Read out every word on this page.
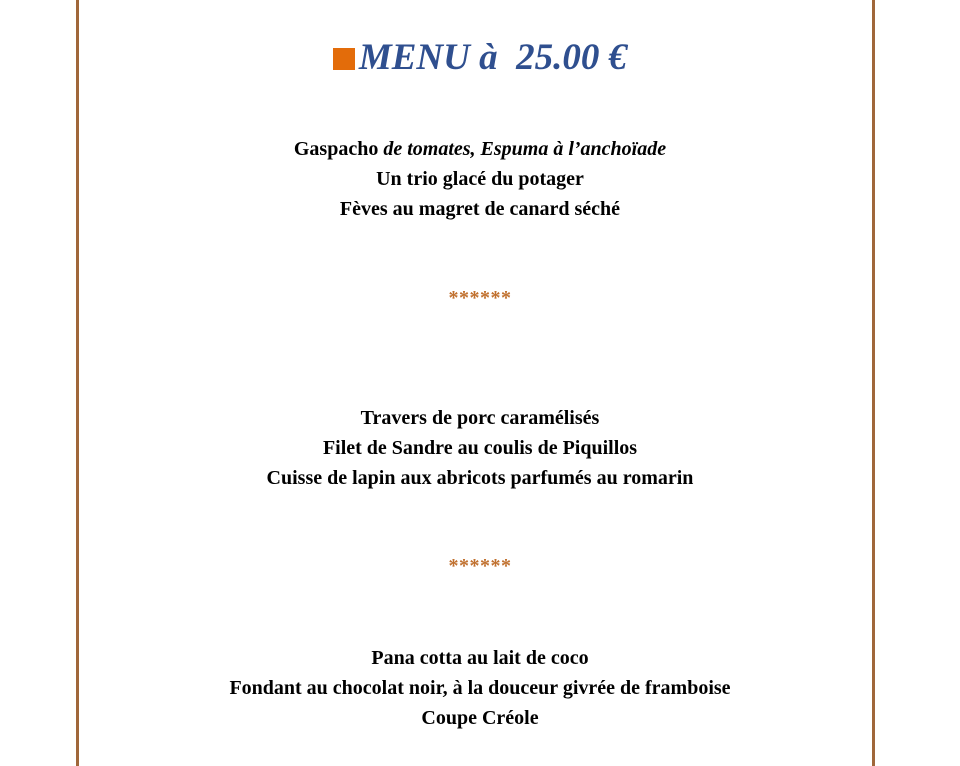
MENU à  25.00 €
Gaspacho de tomates, Espuma à l’anchoïade
Un trio glacé du potager
Fèves au magret de canard séché
******
Travers de porc caramélisés
Filet de Sandre au coulis de Piquillos
Cuisse de lapin aux abricots parfumés au romarin
******
Pana cotta au lait de coco
Fondant au chocolat noir, à la douceur givrée de framboise
Coupe Créole
